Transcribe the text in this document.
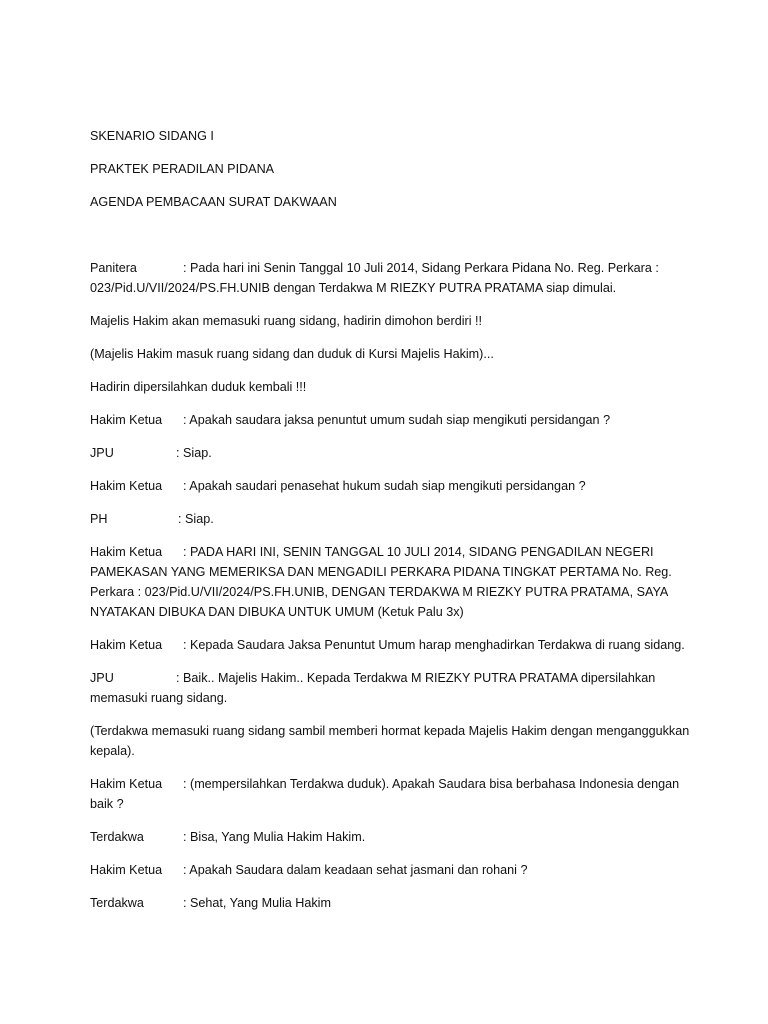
SKENARIO SIDANG I
PRAKTEK PERADILAN PIDANA
AGENDA PEMBACAAN SURAT DAKWAAN
Panitera	: Pada hari ini Senin Tanggal 10 Juli 2014, Sidang Perkara Pidana No. Reg. Perkara : 023/Pid.U/VII/2024/PS.FH.UNIB dengan Terdakwa M RIEZKY PUTRA PRATAMA siap dimulai.
Majelis Hakim akan memasuki ruang sidang, hadirin dimohon berdiri !!
(Majelis Hakim masuk ruang sidang dan duduk di Kursi Majelis Hakim)...
Hadirin dipersilahkan duduk kembali !!!
Hakim Ketua : Apakah saudara jaksa penuntut umum sudah siap mengikuti persidangan ?
JPU	: Siap.
Hakim Ketua : Apakah saudari penasehat hukum sudah siap mengikuti persidangan ?
PH	: Siap.
Hakim Ketua : PADA HARI INI, SENIN TANGGAL 10 JULI 2014, SIDANG PENGADILAN NEGERI PAMEKASAN YANG MEMERIKSA DAN MENGADILI PERKARA PIDANA TINGKAT PERTAMA No. Reg. Perkara : 023/Pid.U/VII/2024/PS.FH.UNIB, DENGAN TERDAKWA M RIEZKY PUTRA PRATAMA, SAYA NYATAKAN DIBUKA DAN DIBUKA UNTUK UMUM (Ketuk Palu 3x)
Hakim Ketua : Kepada Saudara Jaksa Penuntut Umum harap menghadirkan Terdakwa di ruang sidang.
JPU	: Baik.. Majelis Hakim.. Kepada Terdakwa M RIEZKY PUTRA PRATAMA dipersilahkan memasuki ruang sidang.
(Terdakwa memasuki ruang sidang sambil memberi hormat kepada Majelis Hakim dengan menganggukkan kepala).
Hakim Ketua : (mempersilahkan Terdakwa duduk). Apakah Saudara bisa berbahasa Indonesia dengan baik ?
Terdakwa	: Bisa, Yang Mulia Hakim Hakim.
Hakim Ketua : Apakah Saudara dalam keadaan sehat jasmani dan rohani ?
Terdakwa	: Sehat, Yang Mulia Hakim
